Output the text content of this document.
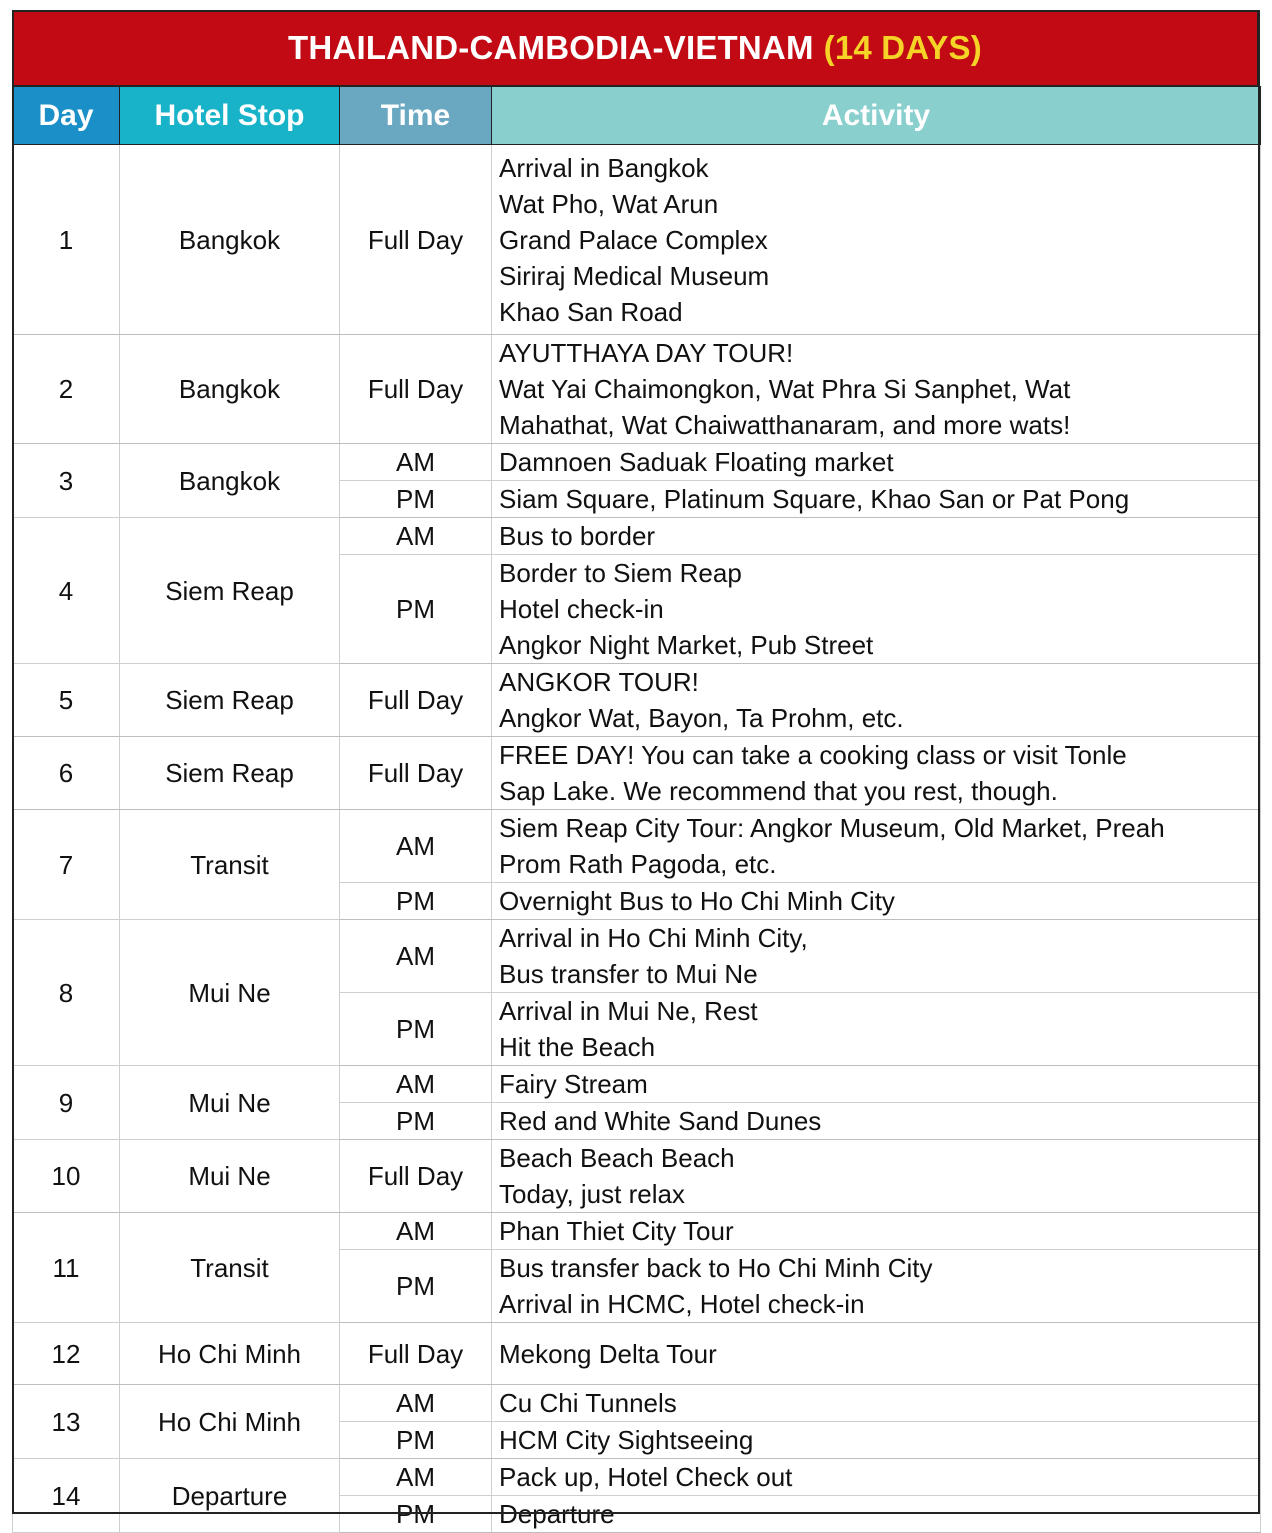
THAILAND-CAMBODIA-VIETNAM (14 DAYS)
Day	Hotel Stop	Time	Activity
1	Bangkok	Full Day	Arrival in Bangkok
Wat Pho, Wat Arun
Grand Palace Complex
Siriraj Medical Museum
Khao San Road

2	Bangkok	Full Day	AYUTTHAYA DAY TOUR!
Wat Yai Chaimongkon, Wat Phra Si Sanphet, Wat
Mahathat, Wat Chaiwatthanaram, and more wats!

3	Bangkok	AM	Damnoen Saduak Floating market

		PM	Siam Square, Platinum Square, Khao San or Pat Pong

4	Siem Reap	AM	Bus to border

		PM	Border to Siem Reap
Hotel check-in
Angkor Night Market, Pub Street

5	Siem Reap	Full Day	ANGKOR TOUR!
Angkor Wat, Bayon, Ta Prohm, etc.

6	Siem Reap	Full Day	FREE DAY! You can take a cooking class or visit Tonle
Sap Lake. We recommend that you rest, though.

7	Transit	AM	Siem Reap City Tour: Angkor Museum, Old Market, Preah
Prom Rath Pagoda, etc.

		PM	Overnight Bus to Ho Chi Minh City

8	Mui Ne	AM	Arrival in Ho Chi Minh City,
Bus transfer to Mui Ne

		PM	Arrival in Mui Ne, Rest
Hit the Beach

9	Mui Ne	AM	Fairy Stream

		PM	Red and White Sand Dunes

10	Mui Ne	Full Day	Beach Beach Beach
Today, just relax

11	Transit	AM	Phan Thiet City Tour

		PM	Bus transfer back to Ho Chi Minh City
Arrival in HCMC, Hotel check-in

12	Ho Chi Minh	Full Day	Mekong Delta Tour

13	Ho Chi Minh	AM	Cu Chi Tunnels

		PM	HCM City Sightseeing

14	Departure	AM	Pack up, Hotel Check out

		PM	Departure
